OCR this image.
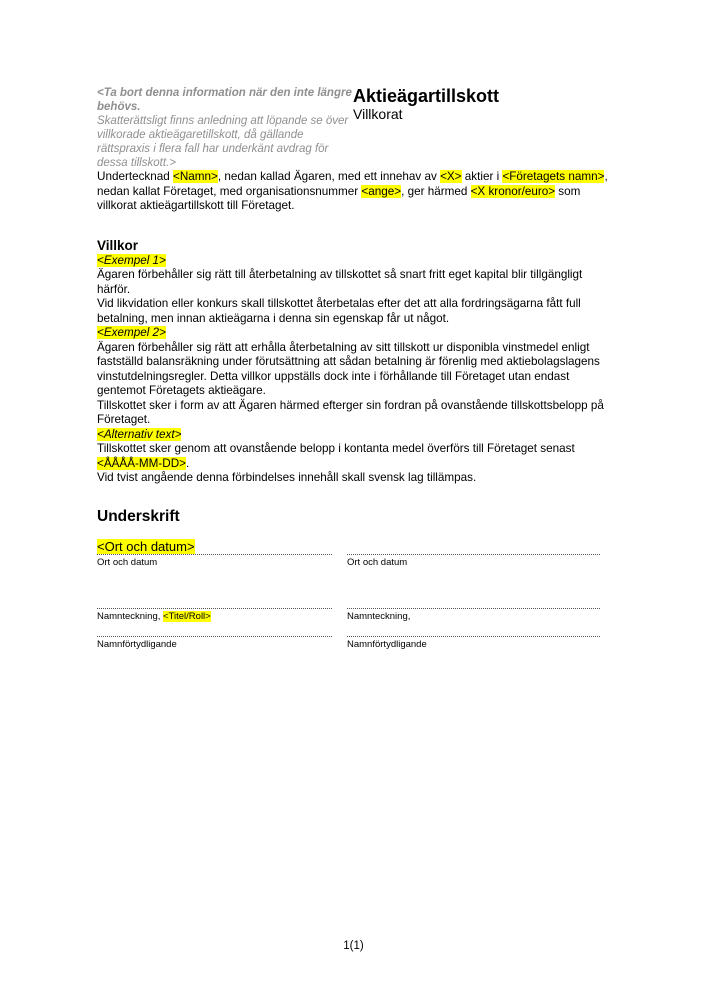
<Ta bort denna information när den inte längre behövs.
Skatterättsligt finns anledning att löpande se över villkorade aktieägaretillskott, då gällande rättspraxis i flera fall har underkänt avdrag för dessa tillskott.>
Aktieägartillskott
Villkorat

Undertecknad <Namn>, nedan kallad Ägaren, med ett innehav av <X> aktier i <Företagets namn>, nedan kallat Företaget, med organisationsnummer <ange>, ger härmed <X kronor/euro> som villkorat aktieägartillskott till Företaget.

Villkor

<Exempel 1>

Ägaren förbehåller sig rätt till återbetalning av tillskottet så snart fritt eget kapital blir tillgängligt härför.

Vid likvidation eller konkurs skall tillskottet återbetalas efter det att alla fordringsägarna fått full betalning, men innan aktieägarna i denna sin egenskap får ut något.

<Exempel 2>

Ägaren förbehåller sig rätt att erhålla återbetalning av sitt tillskott ur disponibla vinstmedel enligt fastställd balansräkning under förutsättning att sådan betalning är förenlig med aktiebolagslagens vinstutdelningsregler. Detta villkor uppställs dock inte i förhållande till Företaget utan endast gentemot Företagets aktieägare.

Tillskottet sker i form av att Ägaren härmed efterger sin fordran på ovanstående tillskottsbelopp på Företaget.

<Alternativ text>

Tillskottet sker genom att ovanstående belopp i kontanta medel överförs till Företaget senast <ÅÅÅÅ-MM-DD>.

Vid tvist angående denna förbindelses innehåll skall svensk lag tillämpas.

Underskrift
<Ort och datum>
Ort och datum	Ort och datum
Namnteckning, <Titel/Roll>	Namnteckning,
Namnförtydligande	Namnförtydligande
1(1)
